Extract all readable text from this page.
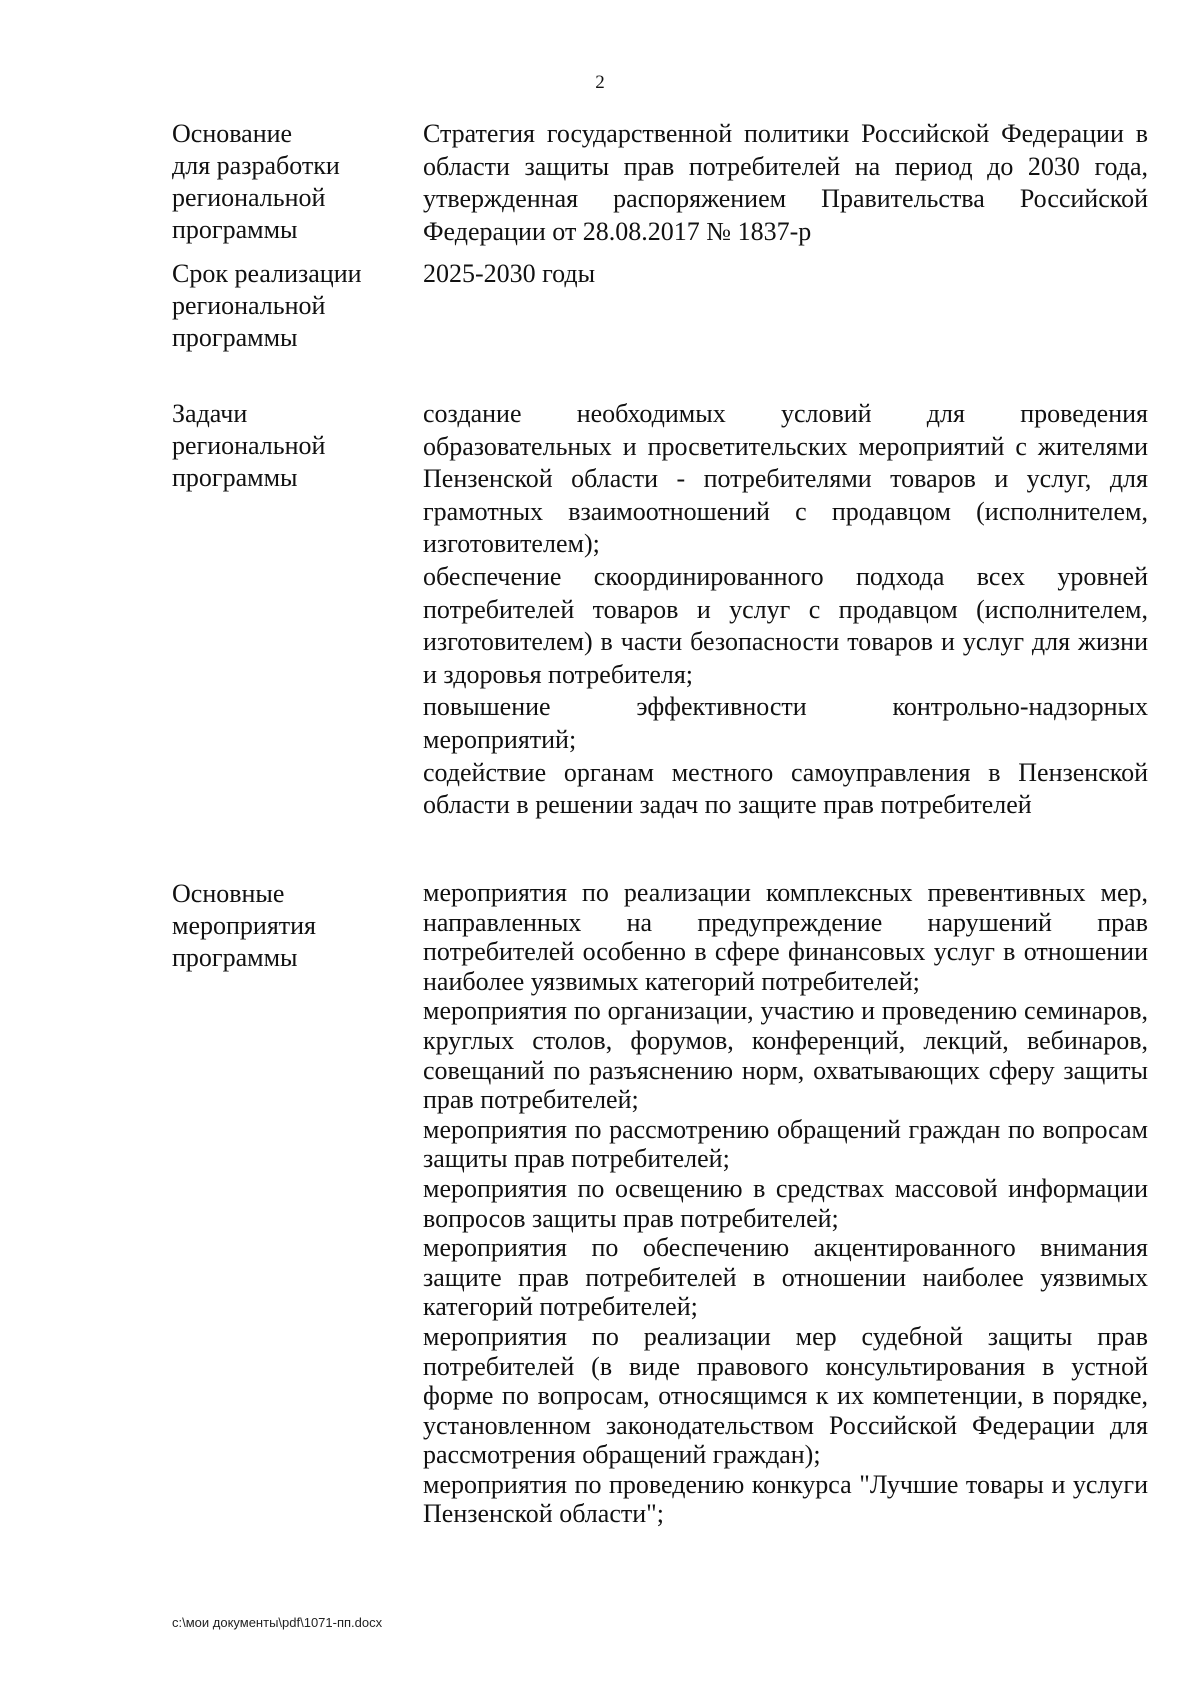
2
Основание
для разработки
региональной
программы

Стратегия государственной политики Российской Федерации в области защиты прав потребителей на период до 2030 года, утвержденная распоряжением Правительства Российской Федерации от 28.08.2017 № 1837-р

Срок реализации
региональной
программы

2025-2030 годы

Задачи
региональной
программы

создание необходимых условий для проведения образовательных и просветительских мероприятий с жителями Пензенской области - потребителями товаров и услуг, для грамотных взаимоотношений с продавцом (исполнителем, изготовителем);

обеспечение скоординированного подхода всех уровней потребителей товаров и услуг с продавцом (исполнителем, изготовителем) в части безопасности товаров и услуг для жизни и здоровья потребителя;

повышение эффективности контрольно-надзорных мероприятий;

содействие органам местного самоуправления в Пензенской области в решении задач по защите прав потребителей

Основные
мероприятия
программы

мероприятия по реализации комплексных превентивных мер, направленных на предупреждение нарушений прав потребителей особенно в сфере финансовых услуг в отношении наиболее уязвимых категорий потребителей;

мероприятия по организации, участию и проведению семинаров, круглых столов, форумов, конференций, лекций, вебинаров, совещаний по разъяснению норм, охватывающих сферу защиты прав потребителей;

мероприятия по рассмотрению обращений граждан по вопросам защиты прав потребителей;

мероприятия по освещению в средствах массовой информации вопросов защиты прав потребителей;

мероприятия по обеспечению акцентированного внимания защите прав потребителей в отношении наиболее уязвимых категорий потребителей;

мероприятия по реализации мер судебной защиты прав потребителей (в виде правового консультирования в устной форме по вопросам, относящимся к их компетенции, в порядке, установленном законодательством Российской Федерации для рассмотрения обращений граждан);

мероприятия по проведению конкурса "Лучшие товары и услуги Пензенской области";

c:\мои документы\pdf\1071-пп.docx
